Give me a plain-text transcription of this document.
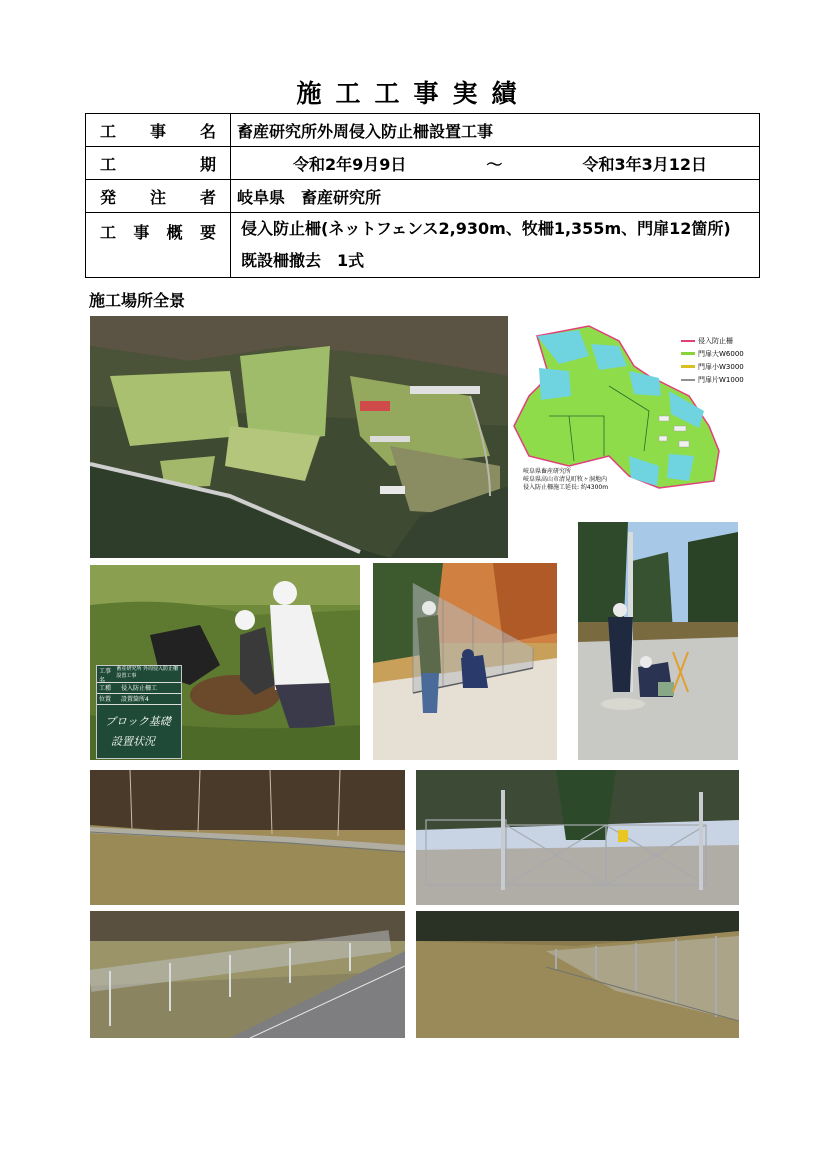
施工工事実績
工 事 名	畜産研究所外周侵入防止柵設置工事
工 期	令和2年9月9日 ～ 令和3年3月12日

発 注 者	岐阜県　畜産研究所

工事概要	侵入防止柵(ネットフェンス2,930m、牧柵1,355m、門扉12箇所)
既設柵撤去　1式
施工場所全景
侵入防止柵
門扉大W6000
門扉小W3000
門扉片W1000
岐阜県畜産研究所
岐阜県高山市清見町牧ヶ洞地内
侵入防止柵施工延長: 約4300m
工事名
畜産研究所 外周侵入防止柵設置工事
工種	侵入防止柵工
位置	設置箇所4
ブロック基礎
設置状況
